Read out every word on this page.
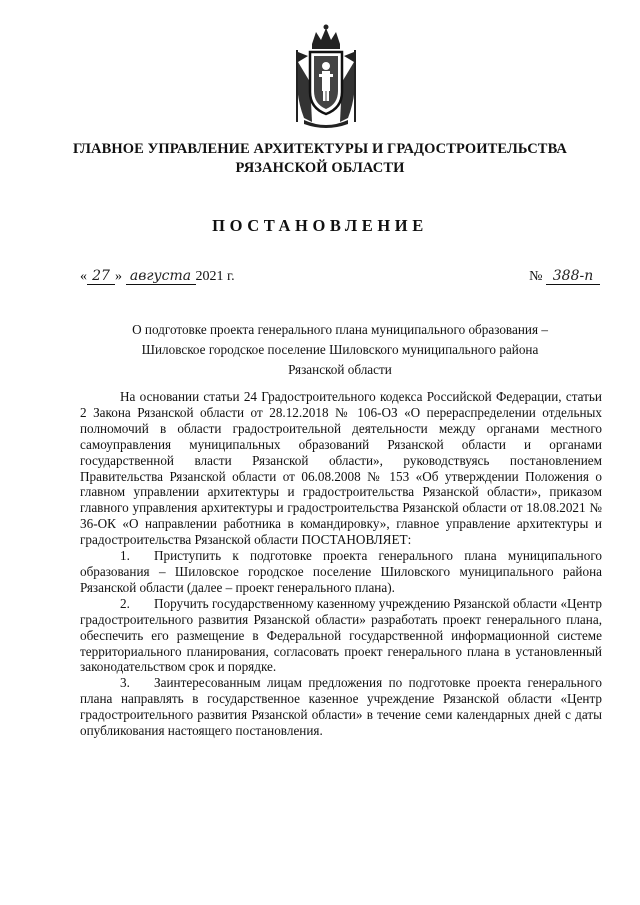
ГЛАВНОЕ УПРАВЛЕНИЕ АРХИТЕКТУРЫ И ГРАДОСТРОИТЕЛЬСТВА
РЯЗАНСКОЙ ОБЛАСТИ
ПОСТАНОВЛЕНИЕ
« 27 » августа 2021 г.	№ 388-п
О подготовке проекта генерального плана муниципального образования –
Шиловское городское поселение Шиловского муниципального района
Рязанской области

На основании статьи 24 Градостроительного кодекса Российской Федерации, статьи 2 Закона Рязанской области от 28.12.2018 № 106-ОЗ «О перераспределении отдельных полномочий в области градостроительной деятельности между органами местного самоуправления муниципальных образований Рязанской области и органами государственной власти Рязанской области», руководствуясь постановлением Правительства Рязанской области от 06.08.2008 № 153 «Об утверждении Положения о главном управлении архитектуры и градостроительства Рязанской области», приказом главного управления архитектуры и градостроительства Рязанской области от 18.08.2021 № 36-ОК «О направлении работника в командировку», главное управление архитектуры и градостроительства Рязанской области ПОСТАНОВЛЯЕТ:

1. Приступить к подготовке проекта генерального плана муниципального образования – Шиловское городское поселение Шиловского муниципального района Рязанской области (далее – проект генерального плана).

2. Поручить государственному казенному учреждению Рязанской области «Центр градостроительного развития Рязанской области» разработать проект генерального плана, обеспечить его размещение в Федеральной государственной информационной системе территориального планирования, согласовать проект генерального плана в установленный законодательством срок и порядке.

3. Заинтересованным лицам предложения по подготовке проекта генерального плана направлять в государственное казенное учреждение Рязанской области «Центр градостроительного развития Рязанской области» в течение семи календарных дней с даты опубликования настоящего постановления.
